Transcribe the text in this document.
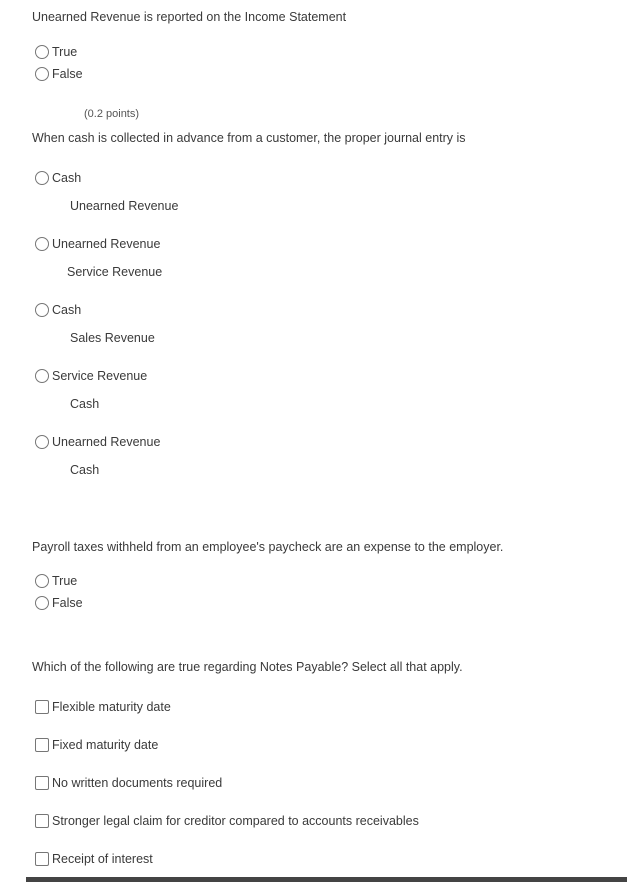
Unearned Revenue is reported on the Income Statement
True
False
(0.2 points)
When cash is collected in advance from a customer, the proper journal entry is
Cash
Unearned Revenue
Unearned Revenue
Service Revenue
Cash
Sales Revenue
Service Revenue
Cash
Unearned Revenue
Cash
Payroll taxes withheld from an employee's paycheck are an expense to the employer.
True
False
Which of the following are true regarding Notes Payable? Select all that apply.
Flexible maturity date
Fixed maturity date
No written documents required
Stronger legal claim for creditor compared to accounts receivables
Receipt of interest
